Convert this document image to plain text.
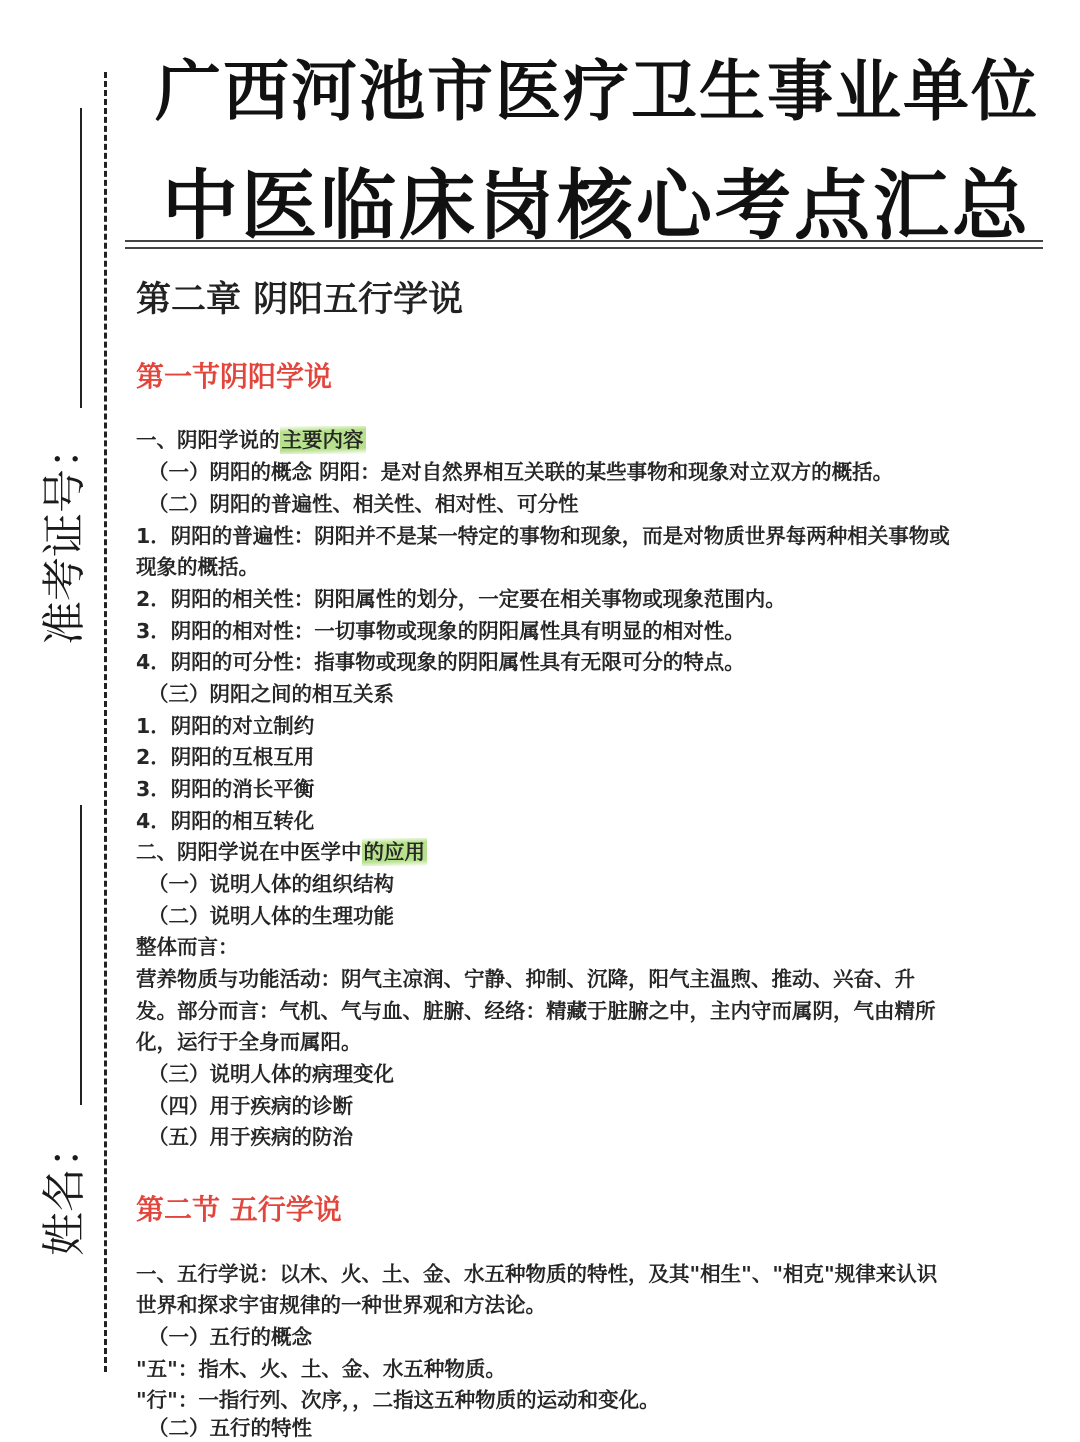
准考证号：
姓名：
广西河池市医疗卫生事业单位
中医临床岗核心考点汇总
第二章 阴阳五行学说
第一节阴阳学说
一、阴阳学说的主要内容
（一）阴阳的概念 阴阳：是对自然界相互关联的某些事物和现象对立双方的概括。
（二）阴阳的普遍性、相关性、相对性、可分性
1．阴阳的普遍性：阴阳并不是某一特定的事物和现象，而是对物质世界每两种相关事物或
现象的概括。
2．阴阳的相关性：阴阳属性的划分，一定要在相关事物或现象范围内。
3．阴阳的相对性：一切事物或现象的阴阳属性具有明显的相对性。
4．阴阳的可分性：指事物或现象的阴阳属性具有无限可分的特点。
（三）阴阳之间的相互关系
1．阴阳的对立制约
2．阴阳的互根互用
3．阴阳的消长平衡
4．阴阳的相互转化
二、阴阳学说在中医学中的应用
（一）说明人体的组织结构
（二）说明人体的生理功能
整体而言：
营养物质与功能活动：阴气主凉润、宁静、抑制、沉降，阳气主温煦、推动、兴奋、升
发。部分而言：气机、气与血、脏腑、经络：精藏于脏腑之中，主内守而属阴，气由精所
化，运行于全身而属阳。
（三）说明人体的病理变化
（四）用于疾病的诊断
（五）用于疾病的防治
第二节 五行学说
一、五行学说：以木、火、土、金、水五种物质的特性，及其"相生"、"相克"规律来认识
世界和探求宇宙规律的一种世界观和方法论。
（一）五行的概念
"五"：指木、火、土、金、水五种物质。
"行"：一指行列、次序，，二指这五种物质的运动和变化。
（二）五行的特性
